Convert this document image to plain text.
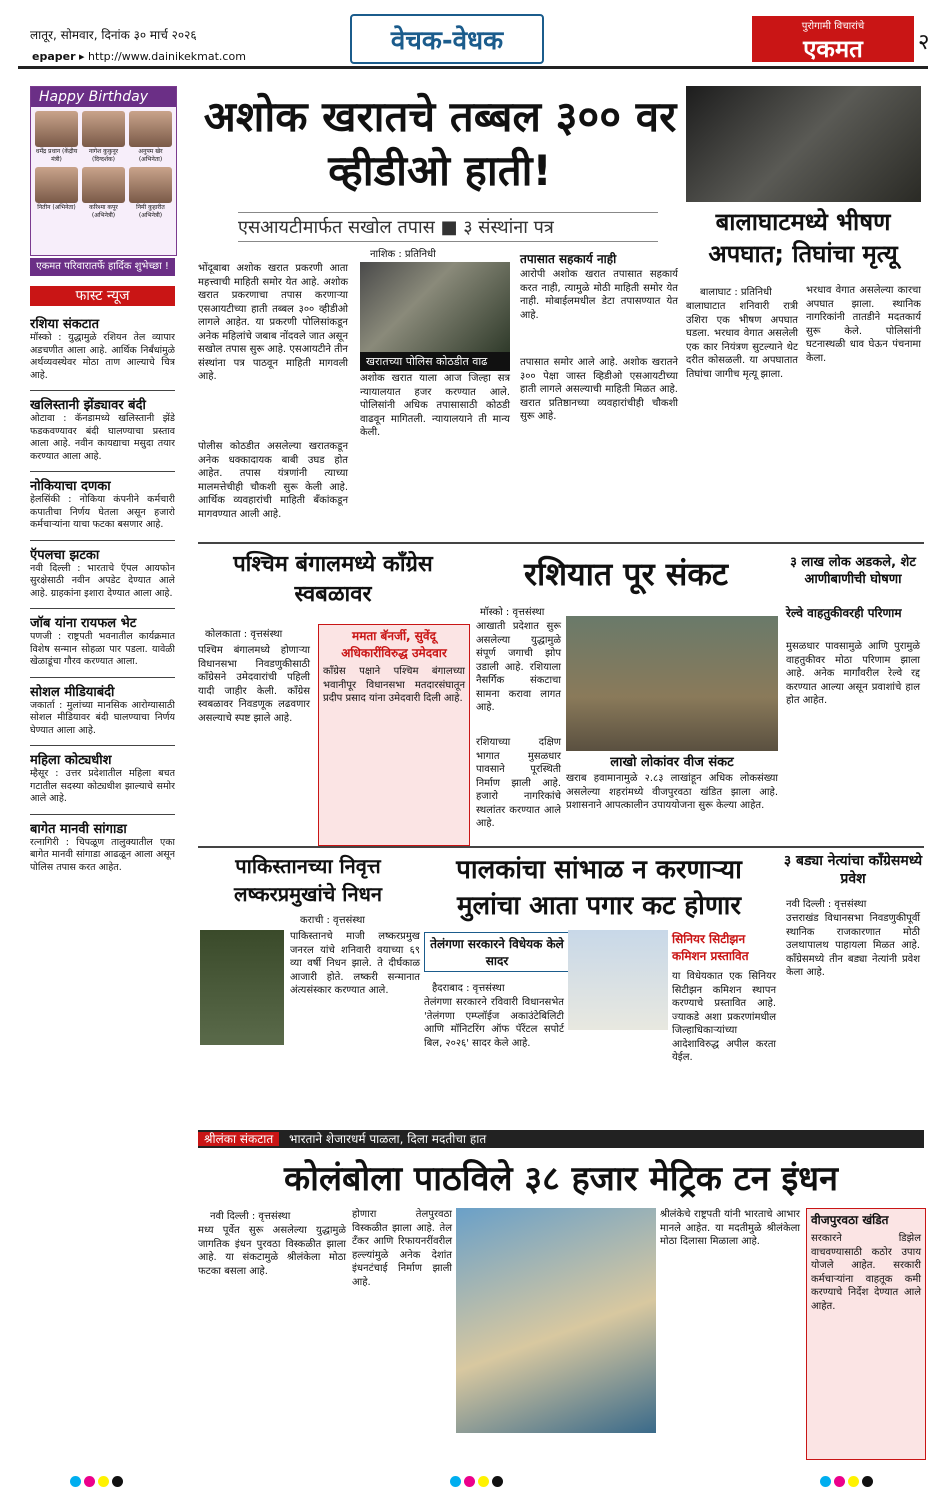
लातूर, सोमवार, दिनांक ३० मार्च २०२६
epaper ▸ http://www.dainikekmat.com
वेचक-वेधक	पुरोगामी विचारांचे
एकमत	२
Happy Birthday
धर्मेंद्र प्रधान (केंद्रीय मंत्री)
नागेश कुकुनूर (दिग्दर्शक)
अनुपम खेर (अभिनेता)
नितीन (अभिनेता)	करिश्मा कपूर (अभिनेत्री)
निमी कुहारीत (अभिनेत्री)
एकमत परिवारातर्फे हार्दिक शुभेच्छा !
फास्ट न्यूज
रशिया संकटात
मॉस्को : युद्धामुळे रशियन तेल व्यापार अडचणीत आला आहे. आर्थिक निर्बंधांमुळे अर्थव्यवस्थेवर मोठा ताण आल्याचे चित्र आहे.
खलिस्तानी झेंड्यावर बंदी
ओटावा : कॅनडामध्ये खलिस्तानी झेंडे फडकवण्यावर बंदी घालण्याचा प्रस्ताव आला आहे. नवीन कायद्याचा मसुदा तयार करण्यात आला आहे.
नोकियाचा दणका
हेलसिंकी : नोकिया कंपनीने कर्मचारी कपातीचा निर्णय घेतला असून हजारो कर्मचाऱ्यांना याचा फटका बसणार आहे.
ऍपलचा झटका
नवी दिल्ली : भारताचे ऍपल आयफोन सुरक्षेसाठी नवीन अपडेट देण्यात आले आहे. ग्राहकांना इशारा देण्यात आला आहे.
जॉब यांना रायफल भेट
पणजी : राष्ट्रपती भवनातील कार्यक्रमात विशेष सन्मान सोहळा पार पडला. यावेळी खेळाडूंचा गौरव करण्यात आला.
सोशल मीडियाबंदी
जकार्ता : मुलांच्या मानसिक आरोग्यासाठी सोशल मीडियावर बंदी घालण्याचा निर्णय घेण्यात आला आहे.
महिला कोट्यधीश
म्हैसूर : उत्तर प्रदेशातील महिला बचत गटातील सदस्या कोट्यधीश झाल्याचे समोर आले आहे.
बागेत मानवी सांगाडा
रत्नागिरी : चिपळूण तालुक्यातील एका बागेत मानवी सांगाडा आढळून आला असून पोलिस तपास करत आहेत.
अशोक खरातचे तब्बल ३०० वर व्हीडीओ हाती!
एसआयटीमार्फत सखोल तपास ■ ३ संस्थांना पत्र
नाशिक : प्रतिनिधी
भोंदूबाबा अशोक खरात प्रकरणी आता महत्त्वाची माहिती समोर येत आहे. अशोक खरात प्रकरणाचा तपास करणाऱ्या एसआयटीच्या हाती तब्बल ३०० व्हीडीओ लागले आहेत. या प्रकरणी पोलिसांकडून अनेक महिलांचे जबाब नोंदवले जात असून सखोल तपास सुरू आहे. एसआयटीने तीन संस्थांना पत्र पाठवून माहिती मागवली आहे.
पोलीस कोठडीत असलेल्या खरातकडून अनेक धक्कादायक बाबी उघड होत आहेत. तपास यंत्रणांनी त्याच्या मालमत्तेचीही चौकशी सुरू केली आहे. आर्थिक व्यवहारांची माहिती बँकांकडून मागवण्यात आली आहे.
खरातच्या पोलिस कोठडीत वाढ
अशोक खरात याला आज जिल्हा सत्र न्यायालयात हजर करण्यात आले. पोलिसांनी अधिक तपासासाठी कोठडी वाढवून मागितली. न्यायालयाने ती मान्य केली.
तपासात सहकार्य नाही
आरोपी अशोक खरात तपासात सहकार्य करत नाही, त्यामुळे मोठी माहिती समोर येत नाही. मोबाईलमधील डेटा तपासण्यात येत आहे.
तपासात समोर आले आहे. अशोक खरातने ३०० पेक्षा जास्त व्हिडीओ एसआयटीच्या हाती लागले असल्याची माहिती मिळत आहे. खरात प्रतिष्ठानच्या व्यवहारांचीही चौकशी सुरू आहे.
बालाघाटमध्ये भीषण अपघात; तिघांचा मृत्यू
बालाघाट : प्रतिनिधी
बालाघाटात शनिवारी रात्री उशिरा एक भीषण अपघात घडला. भरधाव वेगात असलेली एक कार नियंत्रण सुटल्याने थेट दरीत कोसळली. या अपघातात तिघांचा जागीच मृत्यू झाला.
भरधाव वेगात असलेल्या कारचा अपघात झाला. स्थानिक नागरिकांनी तातडीने मदतकार्य सुरू केले. पोलिसांनी घटनास्थळी धाव घेऊन पंचनामा केला.
पश्चिम बंगालमध्ये काँग्रेस स्वबळावर
कोलकाता : वृत्तसंस्था
पश्चिम बंगालमध्ये होणाऱ्या विधानसभा निवडणुकीसाठी काँग्रेसने उमेदवारांची पहिली यादी जाहीर केली. काँग्रेस स्वबळावर निवडणूक लढवणार असल्याचे स्पष्ट झाले आहे.
ममता बॅनर्जी, सुवेंदू अधिकारींविरुद्ध उमेदवार
काँग्रेस पक्षाने पश्चिम बंगालच्या भवानीपूर विधानसभा मतदारसंघातून प्रदीप प्रसाद यांना उमेदवारी दिली आहे.
रशियात पूर संकट
मॉस्को : वृत्तसंस्था
आखाती प्रदेशात सुरू असलेल्या युद्धामुळे संपूर्ण जगाची झोप उडाली आहे. रशियाला नैसर्गिक संकटाचा सामना करावा लागत आहे.
लाखो लोकांवर वीज संकट
खराब हवामानामुळे २.८३ लाखांहून अधिक लोकसंख्या असलेल्या शहरांमध्ये वीजपुरवठा खंडित झाला आहे. प्रशासनाने आपत्कालीन उपाययोजना सुरू केल्या आहेत.
रशियाच्या दक्षिण भागात मुसळधार पावसाने पूरस्थिती निर्माण झाली आहे. हजारो नागरिकांचे स्थलांतर करण्यात आले आहे.
३ लाख लोक अडकले, शेट आणीबाणीची घोषणा
रेल्वे वाहतुकीवरही परिणाम
मुसळधार पावसामुळे आणि पुरामुळे वाहतुकीवर मोठा परिणाम झाला आहे. अनेक मार्गांवरील रेल्वे रद्द करण्यात आल्या असून प्रवाशांचे हाल होत आहेत.
पाकिस्तानच्या निवृत्त लष्करप्रमुखांचे निधन
कराची : वृत्तसंस्था
पाकिस्तानचे माजी लष्करप्रमुख जनरल यांचे शनिवारी वयाच्या ६९ व्या वर्षी निधन झाले. ते दीर्घकाळ आजारी होते. लष्करी सन्मानात अंत्यसंस्कार करण्यात आले.
पालकांचा सांभाळ न करणाऱ्या मुलांचा आता पगार कट होणार
तेलंगणा सरकारने विधेयक केले सादर
हैदराबाद : वृत्तसंस्था
तेलंगणा सरकारने रविवारी विधानसभेत 'तेलंगणा एम्प्लॉईज अकाउंटेबिलिटी आणि मॉनिटरिंग ऑफ पॅरेंटल सपोर्ट बिल, २०२६' सादर केले आहे.
सिनियर सिटीझन कमिशन प्रस्तावित
या विधेयकात एक सिनियर सिटीझन कमिशन स्थापन करण्याचे प्रस्तावित आहे. ज्याकडे अशा प्रकरणांमधील जिल्हाधिकाऱ्यांच्या आदेशाविरुद्ध अपील करता येईल.
३ बड्या नेत्यांचा काँग्रेसमध्ये प्रवेश
नवी दिल्ली : वृत्तसंस्था
उत्तराखंड विधानसभा निवडणुकीपूर्वी स्थानिक राजकारणात मोठी उलथापालथ पाहायला मिळत आहे. काँग्रेसमध्ये तीन बड्या नेत्यांनी प्रवेश केला आहे.
श्रीलंका संकटात भारताने शेजारधर्म पाळला, दिला मदतीचा हात
कोलंबोला पाठविले ३८ हजार मेट्रिक टन इंधन
नवी दिल्ली : वृत्तसंस्था
मध्य पूर्वेत सुरू असलेल्या युद्धामुळे जागतिक इंधन पुरवठा विस्कळीत झाला आहे. या संकटामुळे श्रीलंकेला मोठा फटका बसला आहे.
होणारा तेलपुरवठा विस्कळीत झाला आहे. तेल टँकर आणि रिफायनरींवरील हल्ल्यांमुळे अनेक देशांत इंधनटंचाई निर्माण झाली आहे.
श्रीलंकेचे राष्ट्रपती यांनी भारताचे आभार मानले आहेत. या मदतीमुळे श्रीलंकेला मोठा दिलासा मिळाला आहे.
वीजपुरवठा खंडित
सरकारने डिझेल वाचवण्यासाठी कठोर उपाय योजले आहेत. सरकारी कर्मचाऱ्यांना वाहतूक कमी करण्याचे निर्देश देण्यात आले आहेत.
